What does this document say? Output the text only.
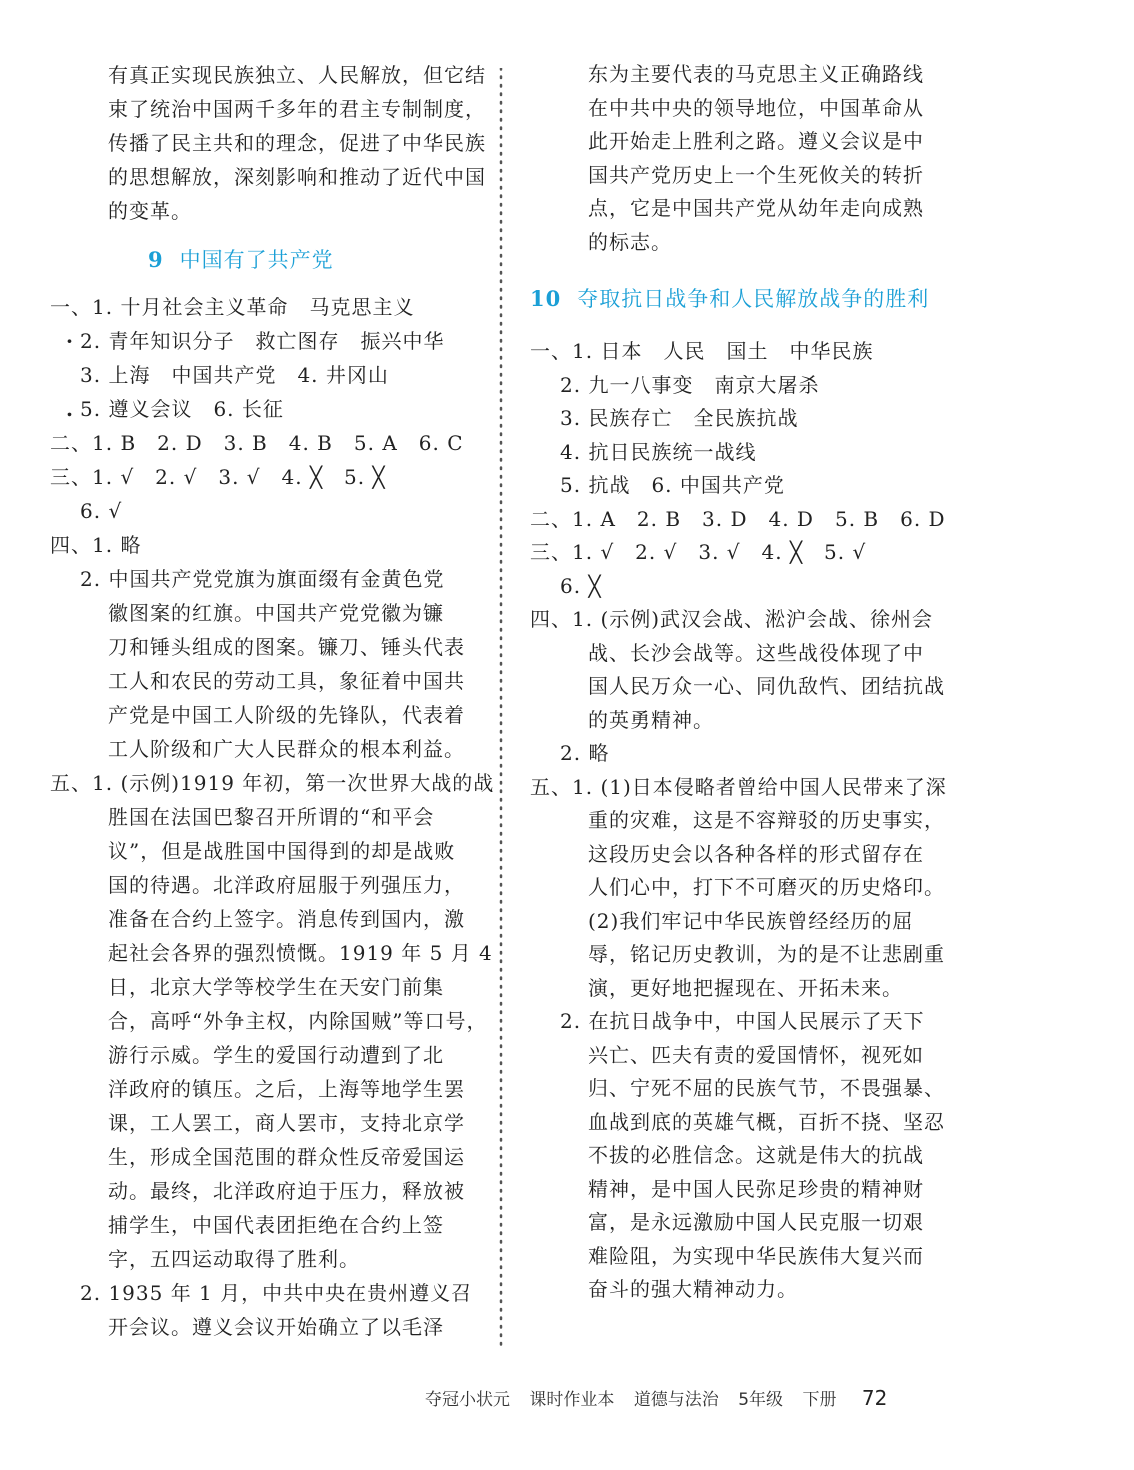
有真正实现民族独立、人民解放，但它结
束了统治中国两千多年的君主专制制度，
传播了民主共和的理念，促进了中华民族
的思想解放，深刻影响和推动了近代中国
的变革。
9 中国有了共产党
一、1. 十月社会主义革命　马克思主义
· 2. 青年知识分子　救亡图存　振兴中华
3. 上海　中国共产党　4. 井冈山
. 5. 遵义会议　6. 长征
二、1. B　2. D　3. B　4. B　5. A　6. C
三、1. √　2. √　3. √　4. ╳　5. ╳
6. √
四、1. 略
2. 中国共产党党旗为旗面缀有金黄色党
徽图案的红旗。中国共产党党徽为镰
刀和锤头组成的图案。镰刀、锤头代表
工人和农民的劳动工具，象征着中国共
产党是中国工人阶级的先锋队，代表着
工人阶级和广大人民群众的根本利益。
五、1. (示例)1919 年初，第一次世界大战的战
胜国在法国巴黎召开所谓的“和平会
议”，但是战胜国中国得到的却是战败
国的待遇。北洋政府屈服于列强压力，
准备在合约上签字。消息传到国内，激
起社会各界的强烈愤慨。1919 年 5 月 4
日，北京大学等校学生在天安门前集
合，高呼“外争主权，内除国贼”等口号，
游行示威。学生的爱国行动遭到了北
洋政府的镇压。之后，上海等地学生罢
课，工人罢工，商人罢市，支持北京学
生，形成全国范围的群众性反帝爱国运
动。最终，北洋政府迫于压力，释放被
捕学生，中国代表团拒绝在合约上签
字，五四运动取得了胜利。
2. 1935 年 1 月，中共中央在贵州遵义召
开会议。遵义会议开始确立了以毛泽
东为主要代表的马克思主义正确路线
在中共中央的领导地位，中国革命从
此开始走上胜利之路。遵义会议是中
国共产党历史上一个生死攸关的转折
点，它是中国共产党从幼年走向成熟
的标志。
10 夺取抗日战争和人民解放战争的胜利
一、1. 日本　人民　国土　中华民族
2. 九一八事变　南京大屠杀
3. 民族存亡　全民族抗战
4. 抗日民族统一战线
5. 抗战　6. 中国共产党
二、1. A　2. B　3. D　4. D　5. B　6. D
三、1. √　2. √　3. √　4. ╳　5. √
6. ╳
四、1. (示例)武汉会战、淞沪会战、徐州会
战、长沙会战等。这些战役体现了中
国人民万众一心、同仇敌忾、团结抗战
的英勇精神。
2. 略
五、1. (1)日本侵略者曾给中国人民带来了深
重的灾难，这是不容辩驳的历史事实，
这段历史会以各种各样的形式留存在
人们心中，打下不可磨灭的历史烙印。
(2)我们牢记中华民族曾经经历的屈
辱，铭记历史教训，为的是不让悲剧重
演，更好地把握现在、开拓未来。
2. 在抗日战争中，中国人民展示了天下
兴亡、匹夫有责的爱国情怀，视死如
归、宁死不屈的民族气节，不畏强暴、
血战到底的英雄气概，百折不挠、坚忍
不拔的必胜信念。这就是伟大的抗战
精神，是中国人民弥足珍贵的精神财
富，是永远激励中国人民克服一切艰
难险阻，为实现中华民族伟大复兴而
奋斗的强大精神动力。
夺冠小状元 课时作业本 道德与法治 5年级 下册 72
